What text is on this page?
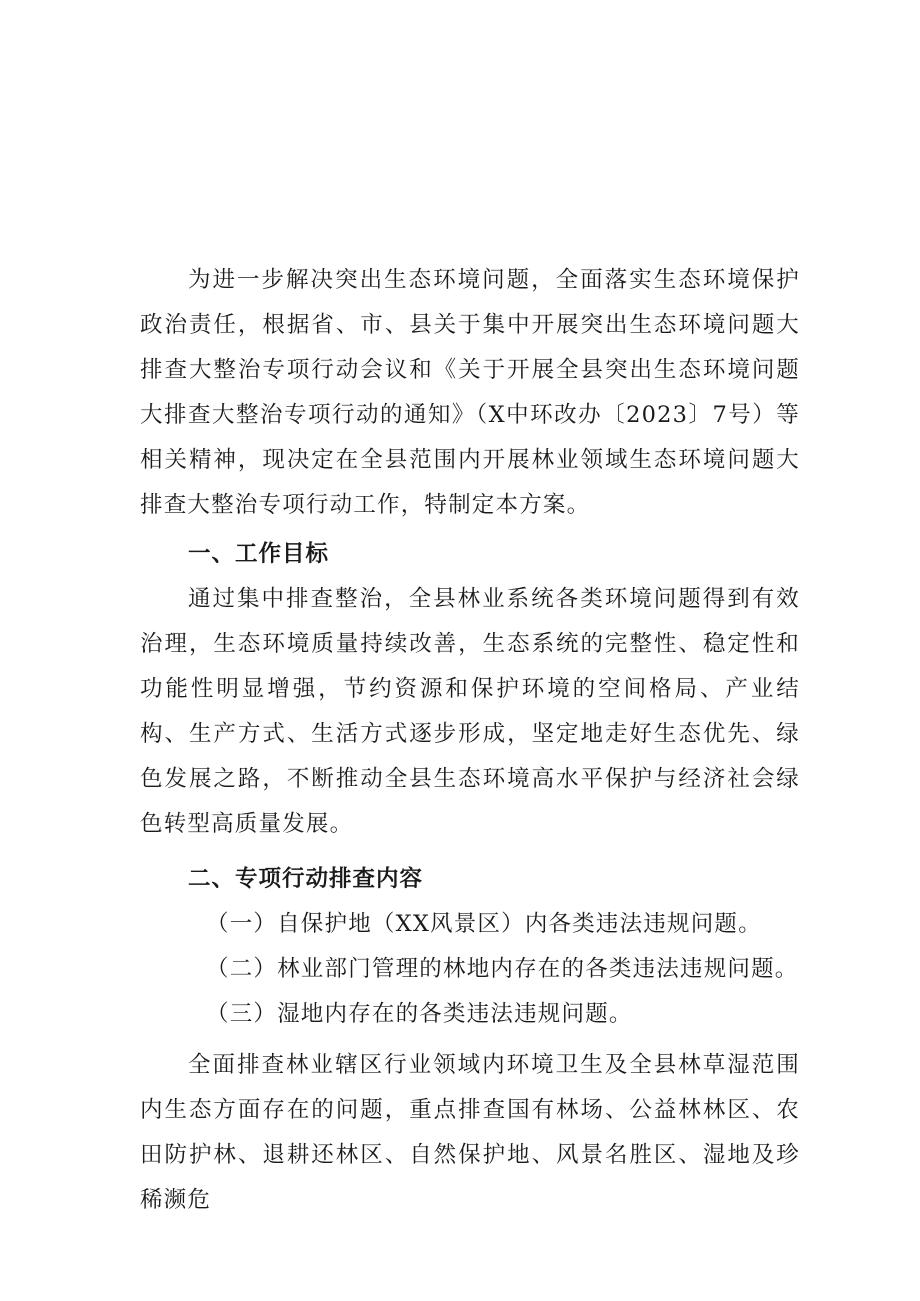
为进一步解决突出生态环境问题，全面落实生态环境保护政治责任，根据省、市、县关于集中开展突出生态环境问题大排查大整治专项行动会议和《关于开展全县突出生态环境问题大排查大整治专项行动的通知》（X中环改办〔2023〕7号）等相关精神，现决定在全县范围内开展林业领域生态环境问题大排查大整治专项行动工作，特制定本方案。

一、工作目标

通过集中排查整治，全县林业系统各类环境问题得到有效治理，生态环境质量持续改善，生态系统的完整性、稳定性和功能性明显增强，节约资源和保护环境的空间格局、产业结构、生产方式、生活方式逐步形成，坚定地走好生态优先、绿色发展之路，不断推动全县生态环境高水平保护与经济社会绿色转型高质量发展。

二、专项行动排查内容

（一）自保护地（XX风景区）内各类违法违规问题。

（二）林业部门管理的林地内存在的各类违法违规问题。

（三）湿地内存在的各类违法违规问题。

全面排查林业辖区行业领域内环境卫生及全县林草湿范围内生态方面存在的问题，重点排查国有林场、公益林林区、农田防护林、退耕还林区、自然保护地、风景名胜区、湿地及珍稀濒危
